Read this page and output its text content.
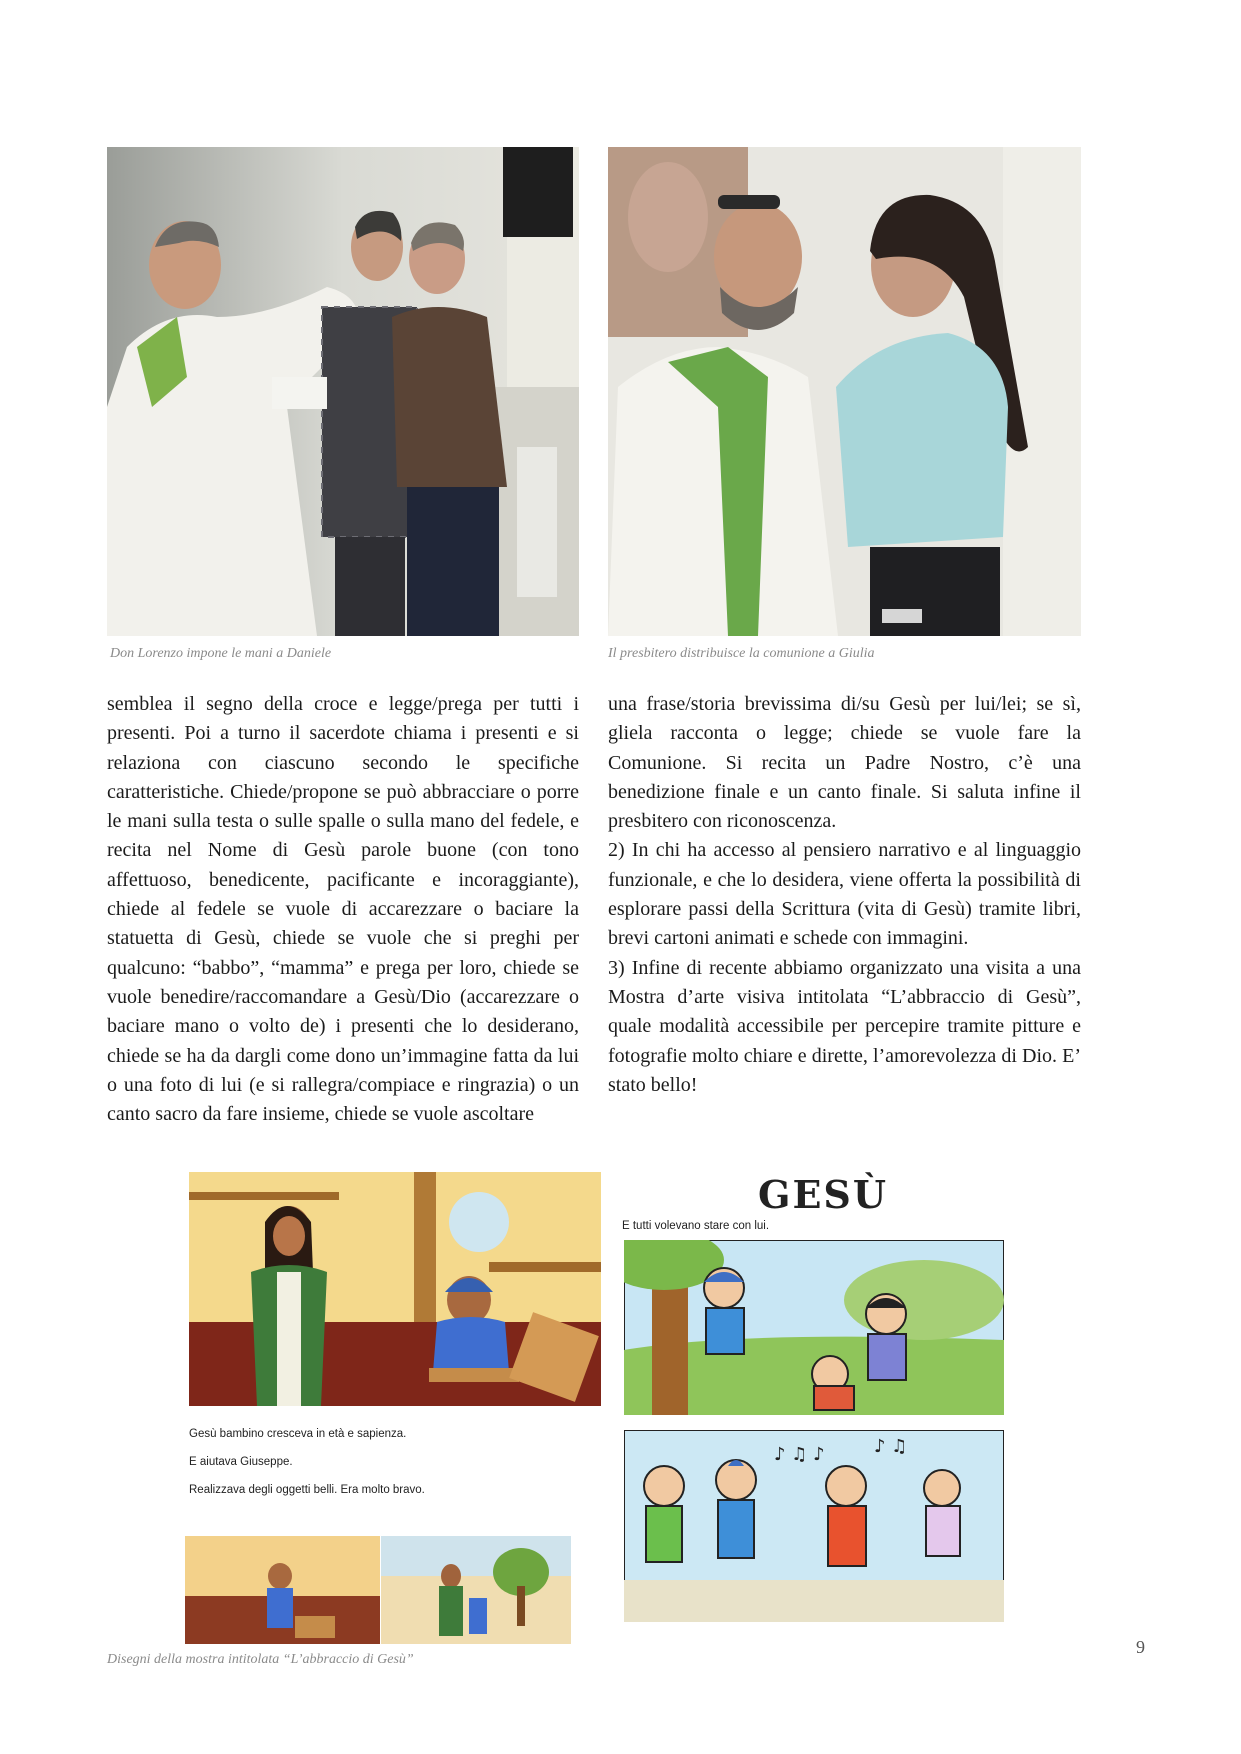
Don Lorenzo impone le mani a Daniele	Il presbitero distribuisce la comunione a Giulia

semblea il segno della croce e legge/prega per tutti i presenti. Poi a turno il sacerdote chiama i presenti e si relaziona con ciascuno secondo le specifiche caratteristiche. Chiede/propone se può abbracciare o porre le mani sulla testa o sulle spalle o sulla mano del fedele, e recita nel Nome di Gesù parole buone (con tono affettuoso, benedicente, pacificante e incoraggiante), chiede al fedele se vuole di accarezzare o baciare la statuetta di Gesù, chiede se vuole che si preghi per qualcuno: “babbo”, “mamma” e prega per loro, chiede se vuole benedire/raccomandare a Gesù/Dio (accarezzare o baciare mano o volto de) i presenti che lo desiderano, chiede se ha da dargli come dono un’immagine fatta da lui o una foto di lui (e si rallegra/compiace e ringrazia) o un canto sacro da fare insieme, chiede se vuole ascoltare

una frase/storia brevissima di/su Gesù per lui/lei; se sì, gliela racconta o legge; chiede se vuole fare la Comunione. Si recita un Padre Nostro, c’è una benedizione finale e un canto finale. Si saluta infine il presbitero con riconoscenza.

2) In chi ha accesso al pensiero narrativo e al linguaggio funzionale, e che lo desidera, viene offerta la possibilità di esplorare passi della Scrittura (vita di Gesù) tramite libri, brevi cartoni animati e schede con immagini.

3) Infine di recente abbiamo organizzato una visita a una Mostra d’arte visiva intitolata “L’abbraccio di Gesù”, quale modalità accessibile per percepire tramite pitture e fotografie molto chiare e dirette, l’amorevolezza di Dio. E’ stato bello!

Gesù bambino cresceva in età e sapienza.
E aiutava Giuseppe.
Realizzava degli oggetti belli. Era molto bravo.
GESÙ
E tutti volevano stare con lui.
♪ ♫ ♪	♪ ♫
Disegni della mostra intitolata “L’abbraccio di Gesù”
9
